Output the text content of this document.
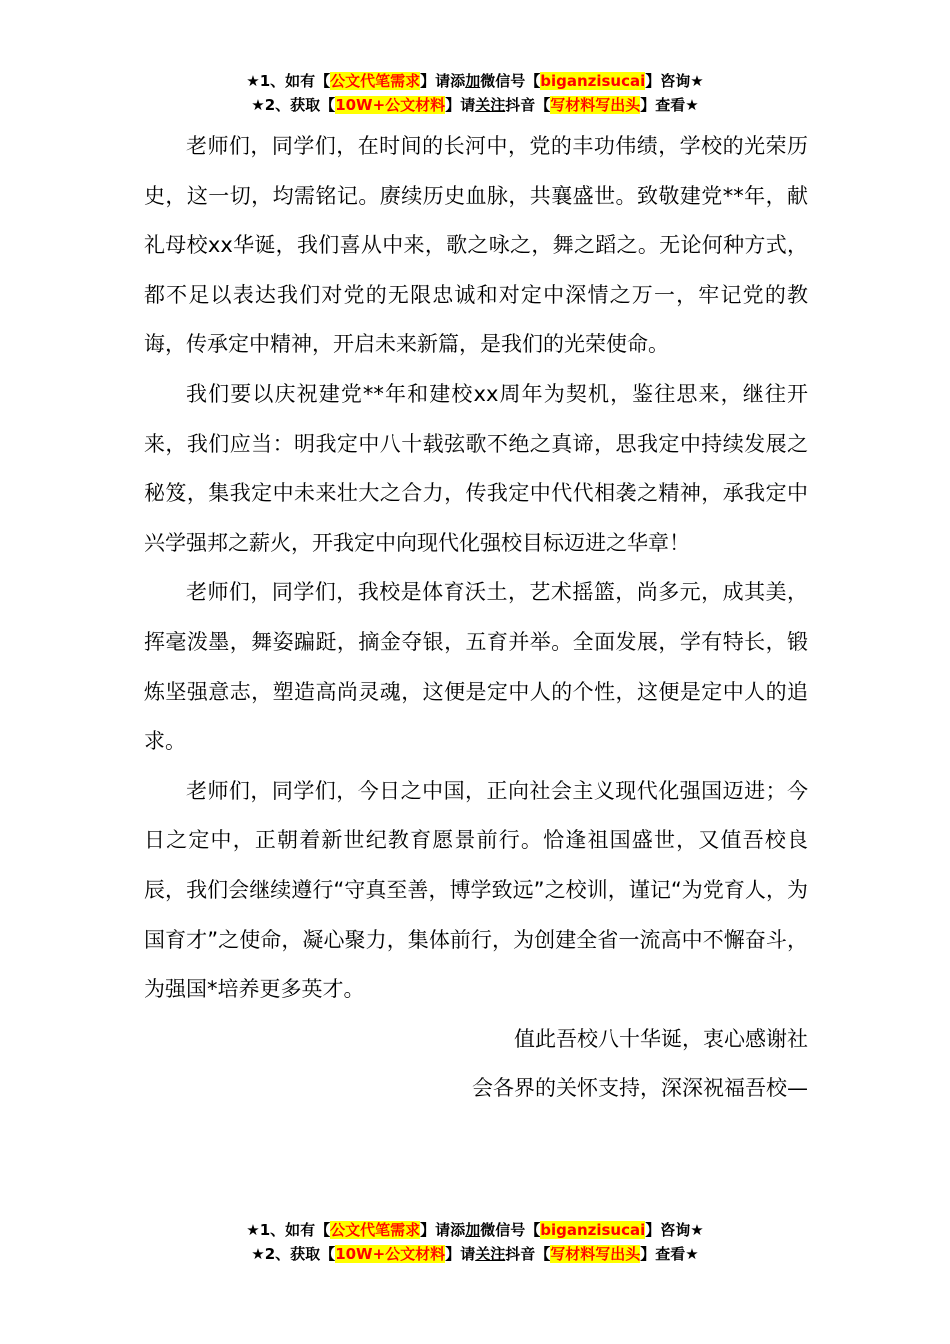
★1、如有【公文代笔需求】请添加微信号【biganzisucai】咨询★
★2、获取【10W+公文材料】请关注抖音【写材料写出头】查看★

老师们，同学们，在时间的长河中，党的丰功伟绩，学校的光荣历史，这一切，均需铭记。赓续历史血脉，共襄盛世。致敬建党**年，献礼母校xx华诞，我们喜从中来，歌之咏之，舞之蹈之。无论何种方式，都不足以表达我们对党的无限忠诚和对定中深情之万一，牢记党的教诲，传承定中精神，开启未来新篇，是我们的光荣使命。

我们要以庆祝建党**年和建校xx周年为契机，鉴往思来，继往开来，我们应当：明我定中八十载弦歌不绝之真谛，思我定中持续发展之秘笈，集我定中未来壮大之合力，传我定中代代相袭之精神，承我定中兴学强邦之薪火，开我定中向现代化强校目标迈进之华章！

老师们，同学们，我校是体育沃土，艺术摇篮，尚多元，成其美，挥毫泼墨，舞姿蹁跹，摘金夺银，五育并举。全面发展，学有特长，锻炼坚强意志，塑造高尚灵魂，这便是定中人的个性，这便是定中人的追求。

老师们，同学们，今日之中国，正向社会主义现代化强国迈进；今日之定中，正朝着新世纪教育愿景前行。恰逢祖国盛世，又值吾校良辰，我们会继续遵行“守真至善，博学致远”之校训，谨记“为党育人，为国育才”之使命，凝心聚力，集体前行，为创建全省一流高中不懈奋斗，为强国*培养更多英才。

值此吾校八十华诞，衷心感谢社

会各界的关怀支持，深深祝福吾校—

★1、如有【公文代笔需求】请添加微信号【biganzisucai】咨询★
★2、获取【10W+公文材料】请关注抖音【写材料写出头】查看★
